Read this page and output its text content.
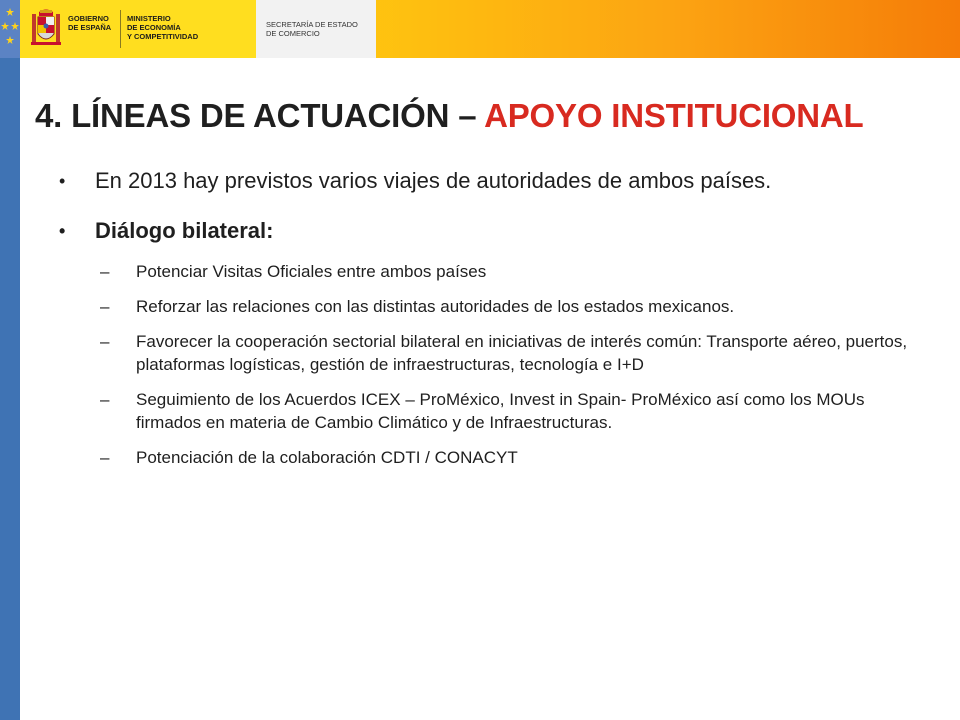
GOBIERNO
DE ESPAÑA
MINISTERIO
DE ECONOMÍA
Y COMPETITIVIDAD
SECRETARÍA DE ESTADO
DE COMERCIO
4. LÍNEAS DE ACTUACIÓN – APOYO INSTITUCIONAL
• En 2013 hay previstos varios viajes de autoridades de ambos países.
• Diálogo bilateral:
– Potenciar Visitas Oficiales entre ambos países
– Reforzar las relaciones con las distintas autoridades de los estados mexicanos.
– Favorecer la cooperación sectorial bilateral en iniciativas de interés común: Transporte aéreo, puertos, plataformas logísticas, gestión de infraestructuras, tecnología e I+D
– Seguimiento de los Acuerdos ICEX – ProMéxico, Invest in Spain- ProMéxico así como los MOUs firmados en materia de Cambio Climático y de Infraestructuras.
– Potenciación de la colaboración CDTI / CONACYT
